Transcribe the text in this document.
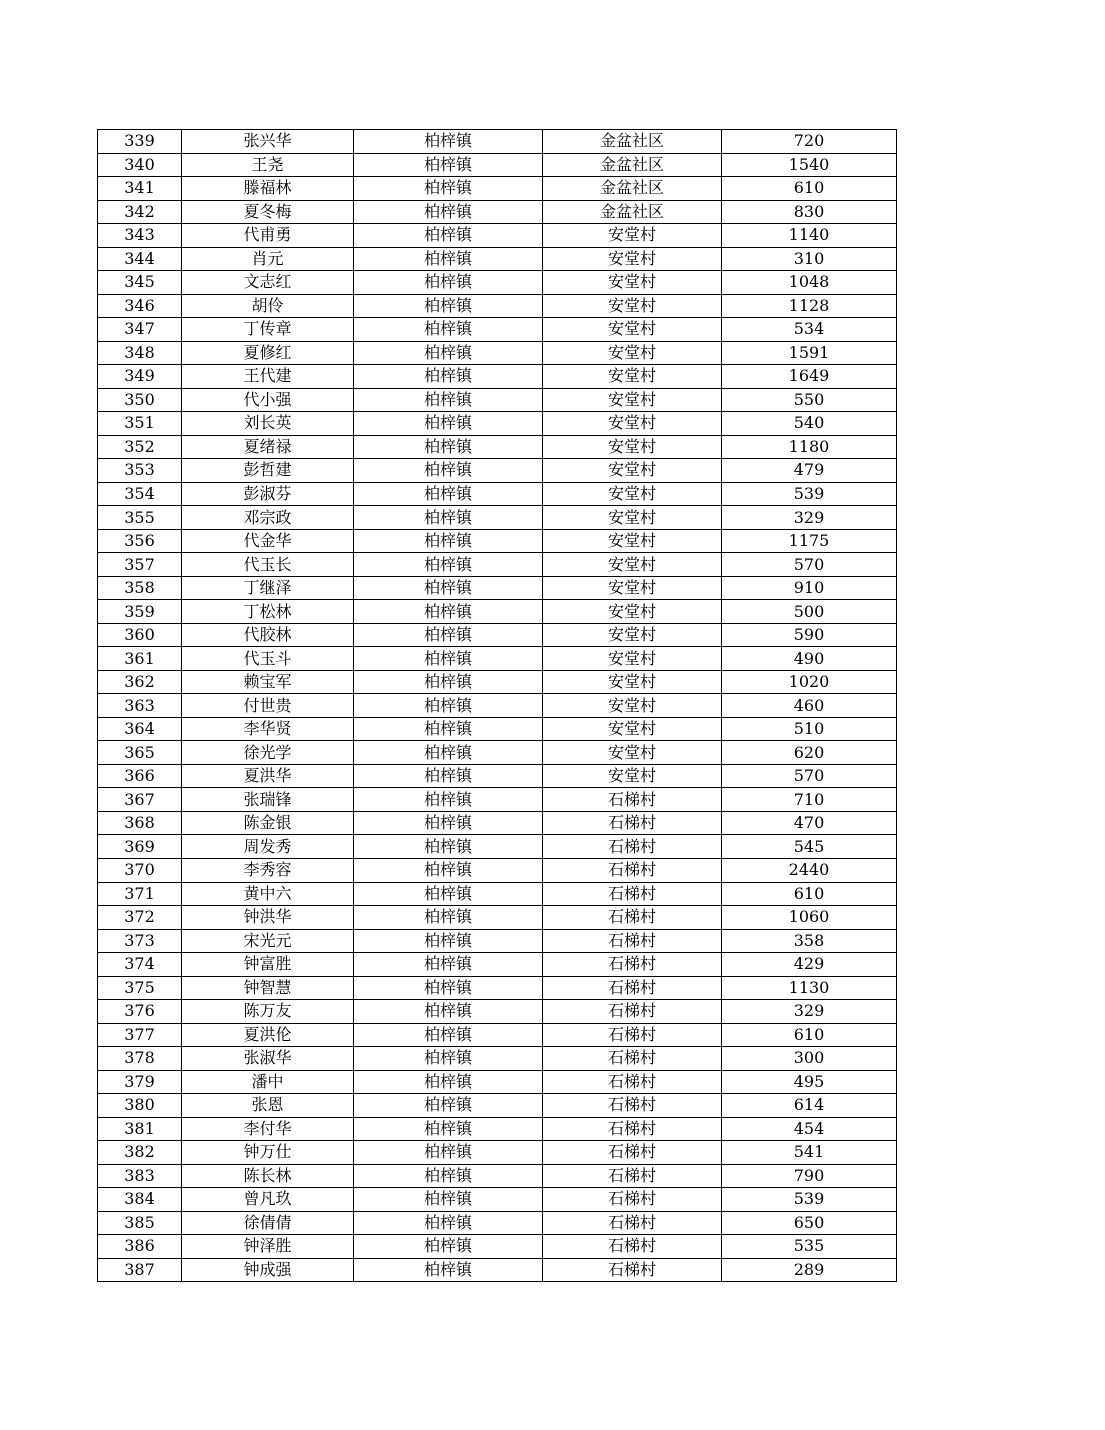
339	张兴华	柏梓镇	金盆社区	720
340	王尧	柏梓镇	金盆社区	1540
341	滕福林	柏梓镇	金盆社区	610
342	夏冬梅	柏梓镇	金盆社区	830
343	代甫勇	柏梓镇	安堂村	1140
344	肖元	柏梓镇	安堂村	310
345	文志红	柏梓镇	安堂村	1048
346	胡伶	柏梓镇	安堂村	1128
347	丁传章	柏梓镇	安堂村	534
348	夏修红	柏梓镇	安堂村	1591
349	王代建	柏梓镇	安堂村	1649
350	代小强	柏梓镇	安堂村	550
351	刘长英	柏梓镇	安堂村	540
352	夏绪禄	柏梓镇	安堂村	1180
353	彭哲建	柏梓镇	安堂村	479
354	彭淑芬	柏梓镇	安堂村	539
355	邓宗政	柏梓镇	安堂村	329
356	代金华	柏梓镇	安堂村	1175
357	代玉长	柏梓镇	安堂村	570
358	丁继泽	柏梓镇	安堂村	910
359	丁松林	柏梓镇	安堂村	500
360	代胶林	柏梓镇	安堂村	590
361	代玉斗	柏梓镇	安堂村	490
362	赖宝军	柏梓镇	安堂村	1020
363	付世贵	柏梓镇	安堂村	460
364	李华贤	柏梓镇	安堂村	510
365	徐光学	柏梓镇	安堂村	620
366	夏洪华	柏梓镇	安堂村	570
367	张瑞锋	柏梓镇	石梯村	710
368	陈金银	柏梓镇	石梯村	470
369	周发秀	柏梓镇	石梯村	545
370	李秀容	柏梓镇	石梯村	2440
371	黄中六	柏梓镇	石梯村	610
372	钟洪华	柏梓镇	石梯村	1060
373	宋光元	柏梓镇	石梯村	358
374	钟富胜	柏梓镇	石梯村	429
375	钟智慧	柏梓镇	石梯村	1130
376	陈万友	柏梓镇	石梯村	329
377	夏洪伦	柏梓镇	石梯村	610
378	张淑华	柏梓镇	石梯村	300
379	潘中	柏梓镇	石梯村	495
380	张恩	柏梓镇	石梯村	614
381	李付华	柏梓镇	石梯村	454
382	钟万仕	柏梓镇	石梯村	541
383	陈长林	柏梓镇	石梯村	790
384	曾凡玖	柏梓镇	石梯村	539
385	徐倩倩	柏梓镇	石梯村	650
386	钟泽胜	柏梓镇	石梯村	535
387	钟成强	柏梓镇	石梯村	289
